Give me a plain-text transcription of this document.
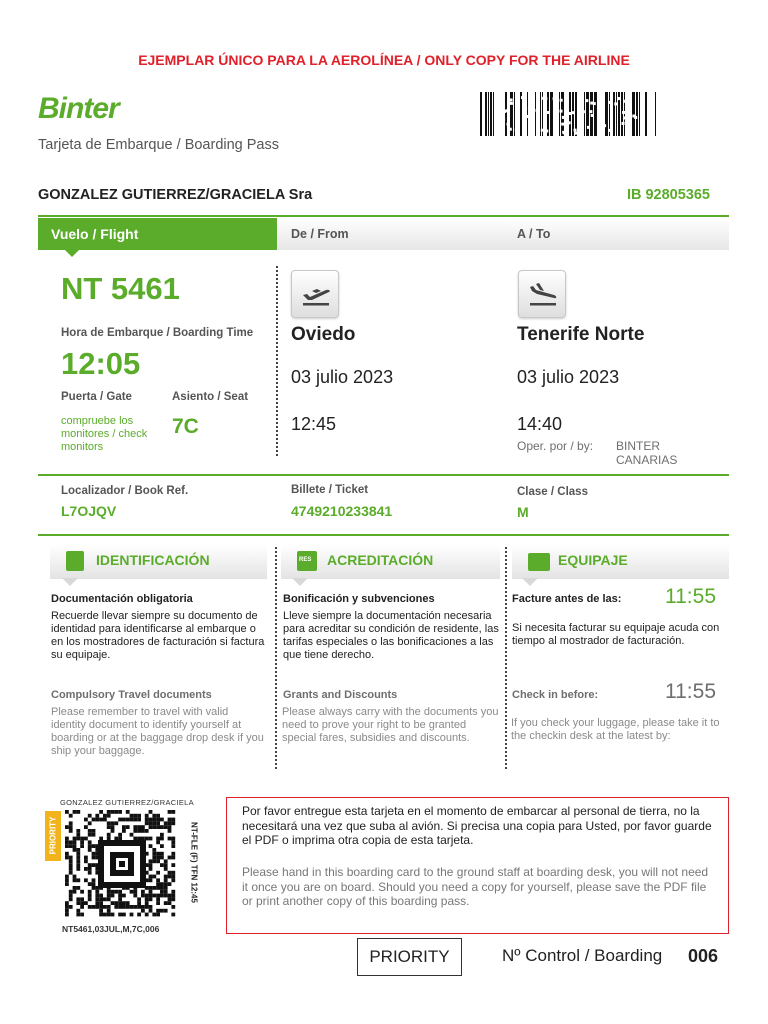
EJEMPLAR ÚNICO PARA LA AEROLÍNEA / ONLY COPY FOR THE AIRLINE
Binter
Tarjeta de Embarque / Boarding Pass
GONZALEZ GUTIERREZ/GRACIELA Sra	IB 92805365
Vuelo / Flight	De / From	A / To
NT 5461
Hora de Embarque / Boarding Time
12:05
Puerta / Gate	Asiento / Seat
compruebe los monitores / check monitors
7C
Oviedo
03 julio 2023
12:45
Tenerife Norte
03 julio 2023
14:40
Oper. por / by: BINTER
CANARIAS
Localizador / Book Ref.
L7OJQV
Billete / Ticket
4749210233841
Clase / Class
M
IDENTIFICACIÓN	RES ACREDITACIÓN	EQUIPAJE
Documentación obligatoria
Recuerde llevar siempre su documento de identidad para identificarse al embarque o en los mostradores de facturación si factura su equipaje.
Compulsory Travel documents
Please remember to travel with valid identity document to identify yourself at boarding or at the baggage drop desk if you ship your baggage.
Bonificación y subvenciones
Lleve siempre la documentación necesaria para acreditar su condición de residente, las tarifas especiales o las bonificaciones a las que tiene derecho.
Grants and Discounts
Please always carry with the documents you need to prove your right to be granted special fares, subsidies and discounts.
Facture antes de las: 11:55
Si necesita facturar su equipaje acuda con tiempo al mostrador de facturación.
Check in before:	11:55
If you check your luggage, please take it to the checkin desk at the latest by:
GONZALEZ GUTIERREZ/GRACIELA
PRIORITY	NT-FLE (F) TFN 12:45
NT5461,03JUL,M,7C,006
Por favor entregue esta tarjeta en el momento de embarcar al personal de tierra, no la necesitará una vez que suba al avión. Si precisa una copia para Usted, por favor guarde el PDF o imprima otra copia de esta tarjeta.
Please hand in this boarding card to the ground staff at boarding desk, you will not need it once you are on board. Should you need a copy for yourself, please save the PDF file or print another copy of this boarding pass.
PRIORITY	Nº Control / Boarding 006
